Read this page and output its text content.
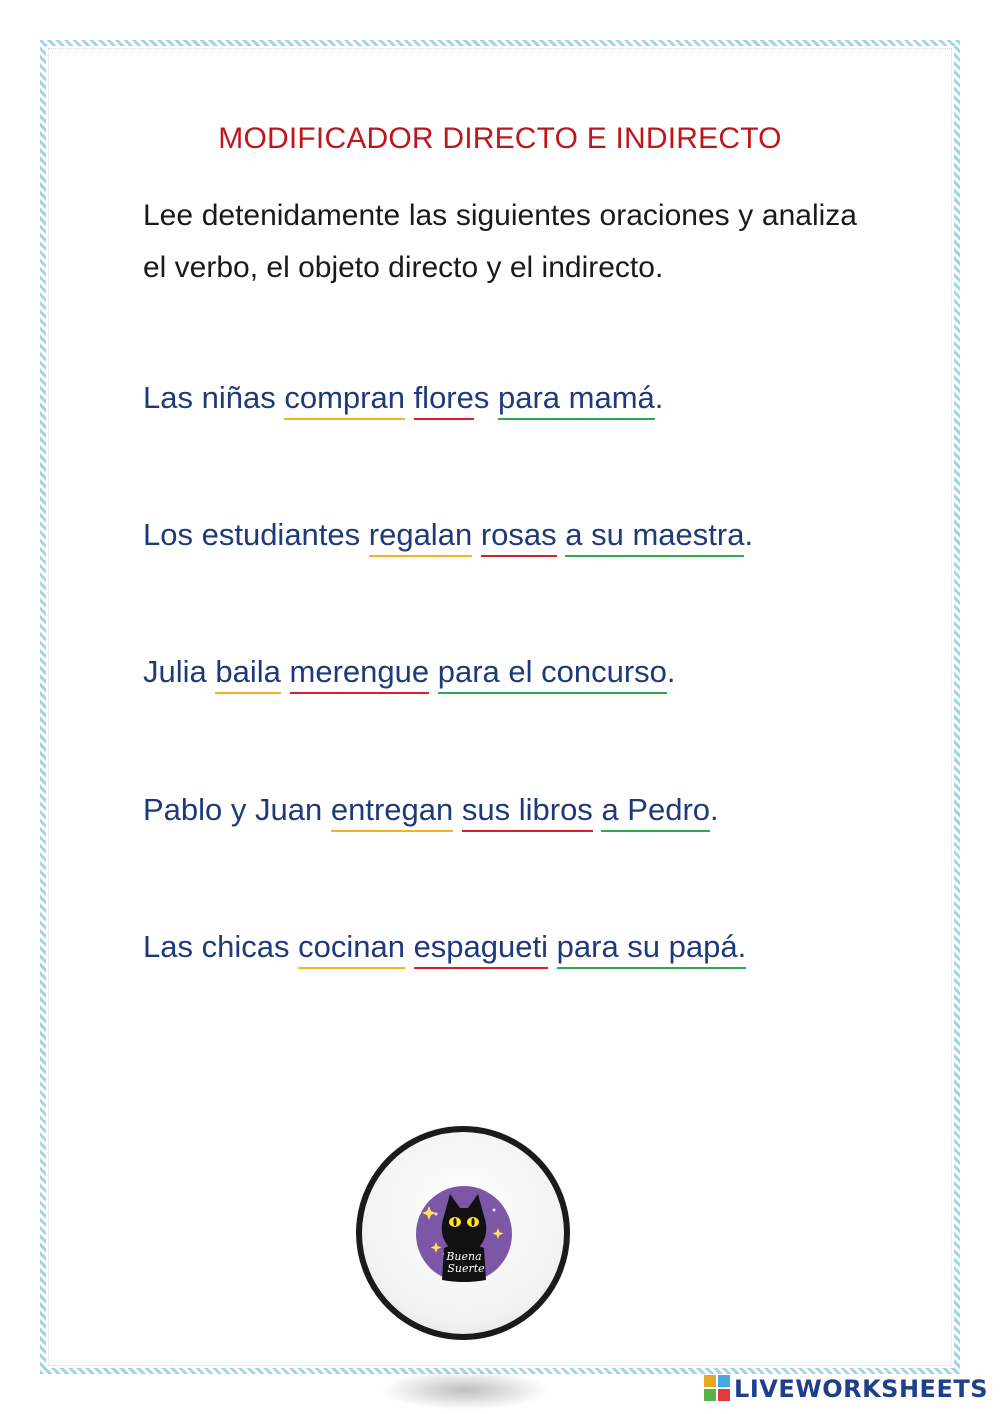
MODIFICADOR DIRECTO E INDIRECTO
Lee detenidamente las siguientes oraciones y analiza el verbo, el objeto directo y el indirecto.
Las niñas compran flores para mamá.
Los estudiantes regalan rosas a su maestra.
Julia baila merengue para el concurso.
Pablo y Juan entregan sus libros a Pedro.
Las chicas cocinan espagueti para su papá.
Buena
Suerte
LIVEWORKSHEETS
